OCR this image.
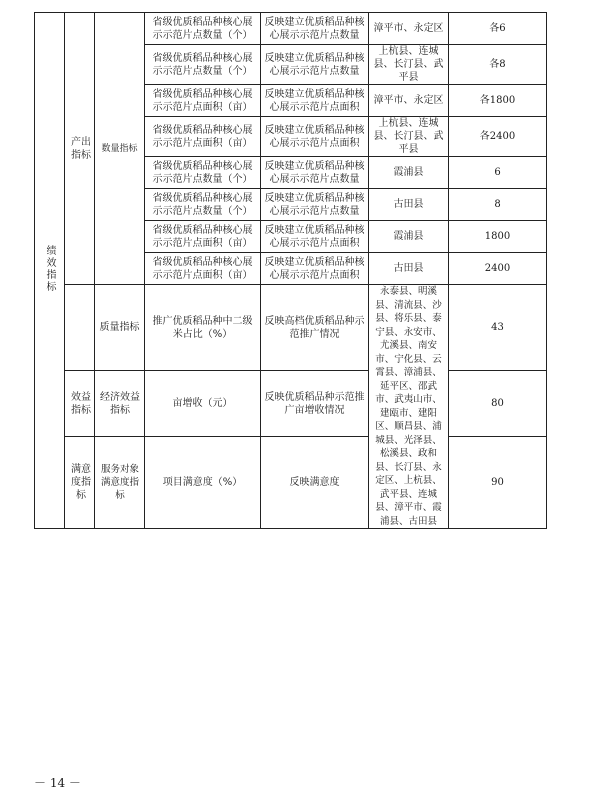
绩效指标	产出指标	数量指标	省级优质稻品种核心展示示范片点数量（个）	反映建立优质稻品种核心展示示范片点数量	漳平市、永定区	各6
			省级优质稻品种核心展示示范片点数量（个）	反映建立优质稻品种核心展示示范片点数量	上杭县、连城县、长汀县、武平县	各8
			省级优质稻品种核心展示示范片点面积（亩）	反映建立优质稻品种核心展示示范片点面积	漳平市、永定区	各1800
			省级优质稻品种核心展示示范片点面积（亩）	反映建立优质稻品种核心展示示范片点面积	上杭县、连城县、长汀县、武平县	各2400
			省级优质稻品种核心展示示范片点数量（个）	反映建立优质稻品种核心展示示范片点数量	霞浦县	6
			省级优质稻品种核心展示示范片点数量（个）	反映建立优质稻品种核心展示示范片点数量	古田县	8
			省级优质稻品种核心展示示范片点面积（亩）	反映建立优质稻品种核心展示示范片点面积	霞浦县	1800
			省级优质稻品种核心展示示范片点面积（亩）	反映建立优质稻品种核心展示示范片点面积	古田县	2400
		质量指标	推广优质稻品种中二级米占比（%）	反映高档优质稻品种示范推广情况	永泰县、明溪县、清流县、沙县、将乐县、泰宁县、永安市、尤溪县、南安市、宁化县、云霄县、漳浦县、延平区、邵武市、武夷山市、建瓯市、建阳区、顺昌县、浦城县、光泽县、松溪县、政和县、长汀县、永定区、上杭县、武平县、连城县、漳平市、霞浦县、古田县	43
	效益指标	经济效益指标	亩增收（元）	反映优质稻品种示范推广亩增收情况		80
	满意度指标	服务对象满意度指标	项目满意度（%）	反映满意度		90
－ 14 －
